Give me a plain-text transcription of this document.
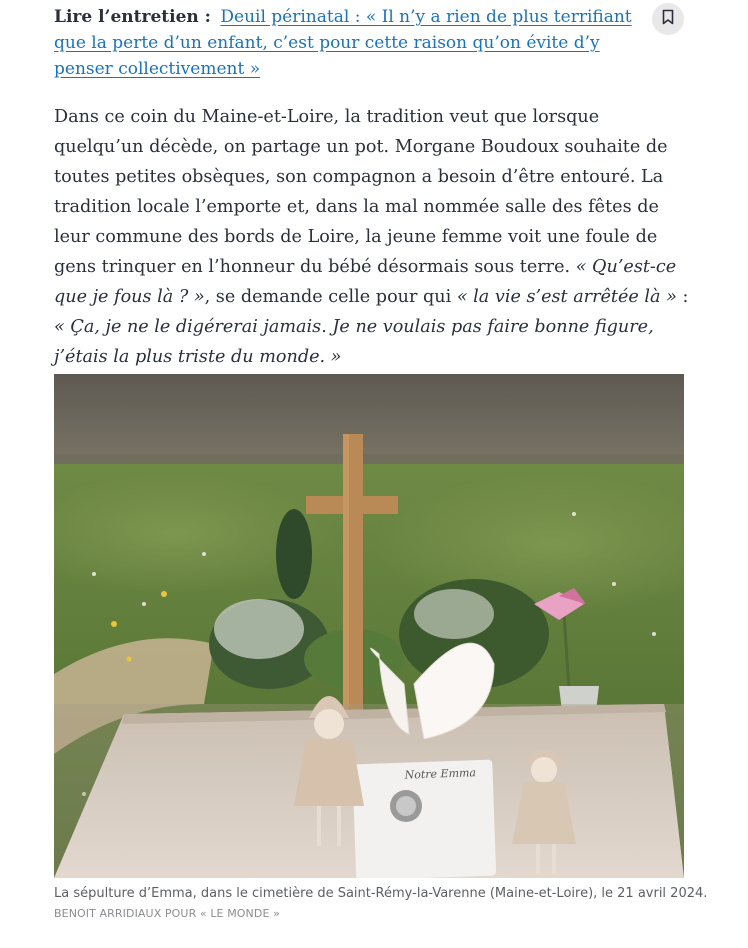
Lire l’entretien : Deuil périnatal : « Il n’y a rien de plus terrifiant que la perte d’un enfant, c’est pour cette raison qu’on évite d’y penser collectivement »

Dans ce coin du Maine-et-Loire, la tradition veut que lorsque quelqu’un décède, on partage un pot. Morgane Boudoux souhaite de toutes petites obsèques, son compagnon a besoin d’être entouré. La tradition locale l’emporte et, dans la mal nommée salle des fêtes de leur commune des bords de Loire, la jeune femme voit une foule de gens trinquer en l’honneur du bébé désormais sous terre. « Qu’est-ce que je fous là ? », se demande celle pour qui « la vie s’est arrêtée là » : « Ça, je ne le digérerai jamais. Je ne voulais pas faire bonne figure, j’étais la plus triste du monde. »

Notre Emma
La sépulture d’Emma, dans le cimetière de Saint-Rémy-la-Varenne (Maine-et-Loire), le 21 avril 2024.
BENOIT ARRIDIAUX POUR « LE MONDE »
